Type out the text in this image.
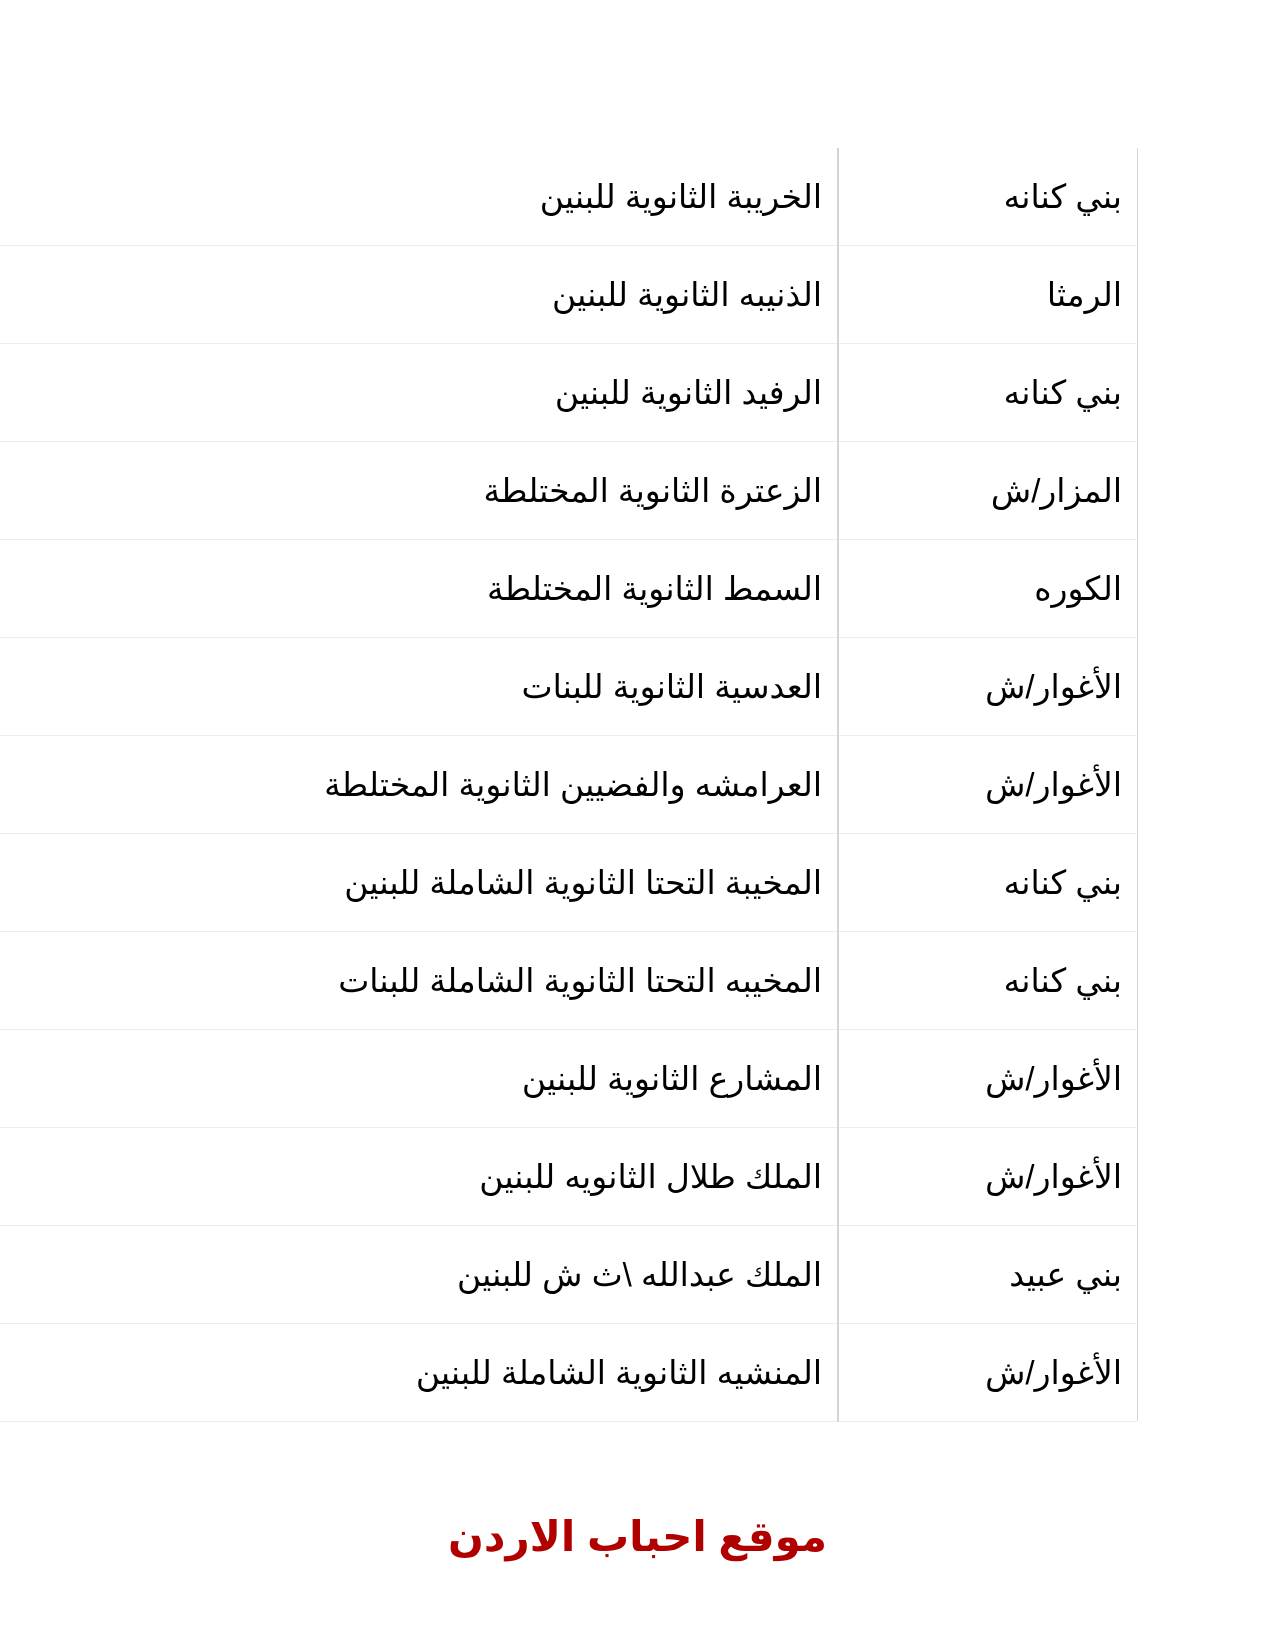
بني كنانه	الخريبة الثانوية للبنين
الرمثا	الذنيبه الثانوية للبنين
بني كنانه	الرفيد الثانوية للبنين
المزار/ش	الزعترة الثانوية المختلطة
الكوره	السمط الثانوية المختلطة
الأغوار/ش	العدسية الثانوية للبنات
الأغوار/ش	العرامشه والفضيين الثانوية المختلطة
بني كنانه	المخيبة التحتا الثانوية الشاملة للبنين
بني كنانه	المخيبه التحتا الثانوية الشاملة للبنات
الأغوار/ش	المشارع الثانوية للبنين
الأغوار/ش	الملك طلال الثانويه للبنين
بني عبيد	الملك عبدالله \ث ش للبنين
الأغوار/ش	المنشيه الثانوية الشاملة للبنين
موقع احباب الاردن
